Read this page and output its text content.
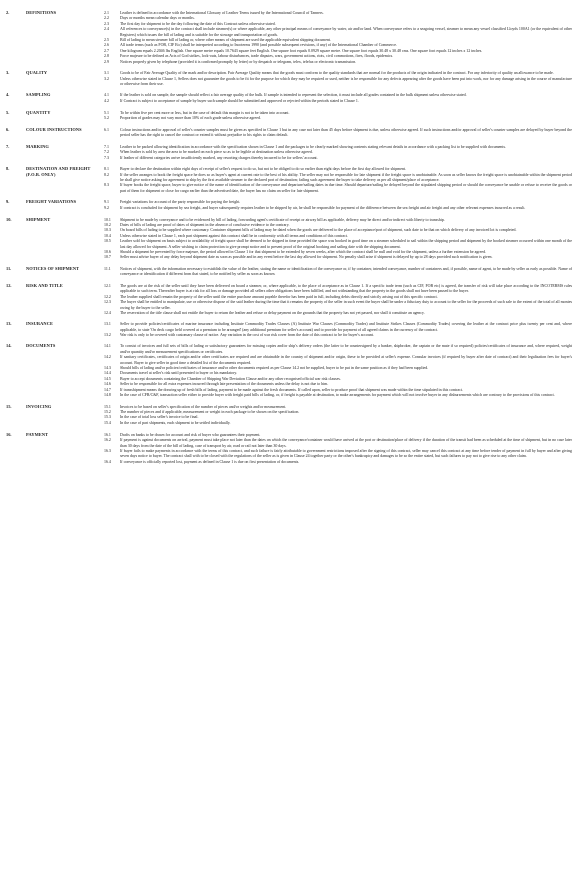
2.	DEFINITIONS	2.1	Leather is defined in accordance with the International Glossary of Leather Terms issued by the International Council of Tanners.
2.2	Days or months mean calendar days or months.
2.3	The first day for shipment to be the day following the date of this Contract unless otherwise stated.
2.4	All references to conveyance(s) in the contract shall include steamer(s) or where applicable, any other principal means of conveyance by water, air and/or land. When conveyance refers to a seagoing vessel, steamer to mean any vessel classified Lloyds 100A1 (or the equivalent of other Registers) which issues the bill of lading and is suitable for the stowage and transportation of goods.
2.5	Bill of lading to mean steamer bill of lading or, where other means of shipment are used the applicable equivalent shipping document.
2.6	All trade terms (such as FOB, CIF Etc) shall be interpreted according to Incoterms 1990 (and possible subsequent revisions, if any) of the International Chamber of Commerce.
2.7	One kilogram equals 2.2046 lbs English. One square metre equals 10.7643 square feet English. One square foot equals 0.0929 square metre. One square foot equals 30.48 x 30.48 cms. One square foot equals 12 inches x 12 inches.
2.8	Force majeure to be defined as Acts of God strikes, lock-outs, labour disturbances, trade disputes, wars, government actions, riots, civil commotions, fires, floods, epidemics.
2.9	Notices properly given by telephone (provided it is confirmed promptly by letter) or by despatch or telegram, telex, telefax or electronic transmission.
3.	QUALITY	3.1	Goods to be of Fair Average Quality of the mark and/or description. Fair Average Quality means that the goods must conform to the quality standards that are normal for the products of the origin indicated in the contract. For any inferiority of quality an allowance to be made.
3.2	Unless otherwise stated in Clause 1, Sellers does not guarantee the goods to be fit for the purpose for which they may be required or used, neither is he responsible for any defects appearing after the goods have been put into work, nor for any damage arising in the course of manufacture or otherwise from their use.
4.	SAMPLING	4.1	If the leather is sold on sample, the sample should reflect a fair average quality of the bulk. If sample is intended to represent the selection, it must include all grades contained in the bulk shipment unless otherwise stated.
4.2	If Contract is subject to acceptance of sample by buyer such sample should be submitted and approved or rejected within the periods stated in Clause 1.
5.	QUANTITY	5.1	To be within five per cent more or less, but in the case of default this margin is not to be taken into account.
5.2	Proportion of grades may not vary more than 10% of each grade unless otherwise agreed.
6.	COLOUR INSTRUCTIONS	6.1	Colour instructions and/or approval of seller's counter samples must be given as specified in Clause 1 but in any case not later than 45 days before shipment is due, unless otherwise agreed. If such instructions and/or approval of seller's counter samples are delayed by buyer beyond the period seller has the right to cancel the contract or extend it without prejudice to his rights to claim default.
7.	MARKING	7.1	Leather to be packed allowing identification in accordance with the specification shown in Clause 1 and the packages to be clearly marked showing contents stating relevant details in accordance with a packing list to be supplied with documents.
7.2	When leather is sold by area the area to be marked on each piece so as to be legible at destination unless otherwise agreed.
7.3	If leather of different categories arrive insufficiently marked, any resorting charges thereby incurred to be for sellers' account.
8.	DESTINATION AND FREIGHT (F.O.B. ONLY)
8.1	Buyer to declare the destination within eight days of receipt of seller's request to do so, but not to be obliged to do so earlier than eight days before the first day allowed for shipment.
8.2	If the seller arranges to book the freight space he does so as buyer's agent at current rate to the best of his ability. The seller may not be responsible for late shipment if the freight space is unobtainable. As soon as seller knows the freight space is unobtainable within the shipment period he shall give notice asking for agreement to ship by the first available steamer to the declared port of destination; failing such agreement the buyer to take delivery as per all shipment/place of acceptance.
8.3	If buyer books the freight space, buyer to give notice of the name of identification of the conveyance and departure/sailing dates in due time. Should departure/sailing be delayed beyond the stipulated shipping period or should the conveyance be unable or refuse to receive the goods or part of them for shipment or close for cargo earlier than the advertised date, the buyer has no claim on seller for late shipment.
9.	FREIGHT VARIATIONS	9.1	Freight variations for account of the party responsible for paying the freight.
9.2	If contract is concluded for shipment by sea freight, and buyer subsequently requires leather to be shipped by air, he shall be responsible for payment of the difference between the sea freight and air freight and any other relevant expenses incurred as a result.
10.	SHIPMENT	10.1 Shipment to be made by conveyance and to be evidenced by bill of lading, forwarding agent's certificate of receipt or airway bill as applicable, delivery may be direct and/or indirect with liberty to transship.
10.2 Dates of bills of lading are proof of dates of shipment in the absence of conclusive evidence to the contrary.
10.3 On board bills of lading to be supplied where customary. Container shipment bills of lading may be dated when the goods are delivered to the place of acceptance/port of shipment, such date to be that on which delivery of any invoiced lot is completed.
10.4 Unless otherwise stated in Clause 1, each part shipment against this contract shall be in conformity with all terms and conditions of this contract.
10.5 Leather sold for shipment on basis subject to availability of freight space shall be deemed to be shipped in time provided the space was booked in good time on a steamer scheduled to sail within the shipping period and shipment by the booked steamer occurred within one month of the last day allowed for shipment. A seller wishing to claim protection to give prompt notice and to present proof of the original booking and sailing date with the shipping document.
10.6 Should a shipment be prevented by force majeure, the period allowed in Clause 1 for that shipment to be extended by seven weeks, after which the contract shall be null and void for the shipment, unless a further extension be agreed.
10.7 Seller must advise buyer of any delay beyond shipment date as soon as possible and in any event before the last day allowed for shipment. No penalty shall arise if shipment is delayed by up to 28 days provided such notification is given.
11.	NOTICES OF SHIPMENT	11.1 Notices of shipment, with the information necessary to establish the value of the leather, stating the name or identification of the conveyance or, if by container, intended conveyance, number of containers and, if possible, name of agent, to be made by seller as early as possible. Name of conveyance or identification if different from that stated, to be notified by seller as soon as known.
12.	RISK AND TITLE	12.1 The goods are at the risk of the seller until they have been delivered on board a steamer, or, where applicable, to the place of acceptance as in Clause 1. If a specific trade term (such as CIF, FOB etc) is agreed, the transfer of risk will take place according to the INCOTERMS rules applicable to such term. Thereafter buyer is at risk for all loss or damage provided all sellers other obligations have been fulfilled, and not withstanding that the property in the goods shall not have been passed to the buyer.
12.2 The leather supplied shall remain the property of the seller until the entire purchase amount payable therefor has been paid in full, including debts directly and strictly arising out of this specific contract.
12.3 The buyer shall be entitled to manipulate, use or otherwise dispose of the said leather during the time that it remains the property of the seller in such event the buyer shall be under a fiduciary duty to account to the seller for the proceeds of such sale to the extent of the total of all monies owing by the buyer to the seller.
12.4 The reservation of the title clause shall not entitle the buyer to return the leather and refuse or delay payment on the grounds that the property has not yet passed, nor shall it constitute an agency.
13.	INSURANCE	13.1 Seller to provide policies/certificates of marine insurance including Institute Commodity Trades Clauses (A) Institute War Clauses (Commodity Trades) and Institute Strikes Clauses (Commodity Trades) covering the leather at the contract price plus twenty per cent and, where applicable, to state 'On deck cargo held covered at a premium to be arranged' (any additional premium for seller's account) and to provide for payment of all agreed claims in the currency of the contract.
13.2 War risk is only to be covered with customary clause of notice. Any variation in the cost of war risk cover from the date of this contract to be for buyer's account.
14.	DOCUMENTS	14.1 To consist of invoices and full sets of bills of lading or satisfactory guarantees for missing copies and/or ship's delivery orders (the latter to be countersigned by a banker, shipbroker, the captain or the mate if so required) policies/certificates of insurance and, where required, weight and/or quantity and/or measurement specifications or certificates.
14.2 If sanitary certificates, certificates of origin and/or other certificates are required and are obtainable in the country of shipment and/or origin, these to be provided at seller's expense. Consular invoices (if required by buyer after date of contract) and their legalisation fees for buyer's account. Buyer to give seller in good time a detailed list of the documents required.
14.3 Should bills of lading and/or policies/certificates of insurance and/or other documents required as per Clause 14.2 not be supplied, buyer to be put in the same position as if they had been supplied.
14.4 Documents travel at seller's risk until presented to buyer or his mandatory.
14.5 Buyer to accept documents containing the Chamber of Shipping War Deviation Clause and/or any other recognised official war risk clauses.
14.6 Seller to be responsible for all extra expenses incurred through late presentation of the documents unless the delay is not due to him.
14.7 If transshipment means the drawing up of fresh bills of lading, payment to be made against the fresh documents. If called upon, seller to produce proof that shipment was made within the time stipulated in this contract.
14.8 In the case of CFR/C&F, transaction seller either to provide buyer with freight paid bills of lading, or, if freight is payable at destination, to make arrangements for payment which will not involve buyer in any disbursements which are contrary to the provisions of this contract.
15.	INVOICING	15.1 Invoices to be based on seller's specification of the number of pieces and/or weights and/or measurement.
15.2 The number of pieces and if applicable, measurement or weight in each package to be shown on the specification.
15.3 In the case of total loss seller's invoice to be final.
15.4 In the case of part shipments, each shipment to be settled individually.
16.	PAYMENT	16.1 Drafts on banks to be drawn for account and risk of buyer who guarantees their payment.
16.2 If payment is against documents on arrival, payment must take place not later than the dates on which the conveyance/container would have arrived at the port or destination/place of delivery if the duration of the transit had been as scheduled at the time of shipment, but in no case later than 30 days from the date of the bill of lading, case of transport by air, road or rail not later than 30 days.
16.3 If buyer fails to make payments in accordance with the terms of this contract, and such failure is fairly attributable to government restrictions imposed after the signing of this contract, seller may cancel this contract at any time before tender of payment in full by buyer and after giving seven days notice to buyer. The contract shall with to be closed with the regulations of the seller as is given in Clause 24 together party or the other's bankruptcy and damages to be so the entire stated, but such failures to pay not to give rise to any other claim.
16.4 If conveyance is officially reported lost, payment as defined in Clause 1 is due on first presentation of documents.
